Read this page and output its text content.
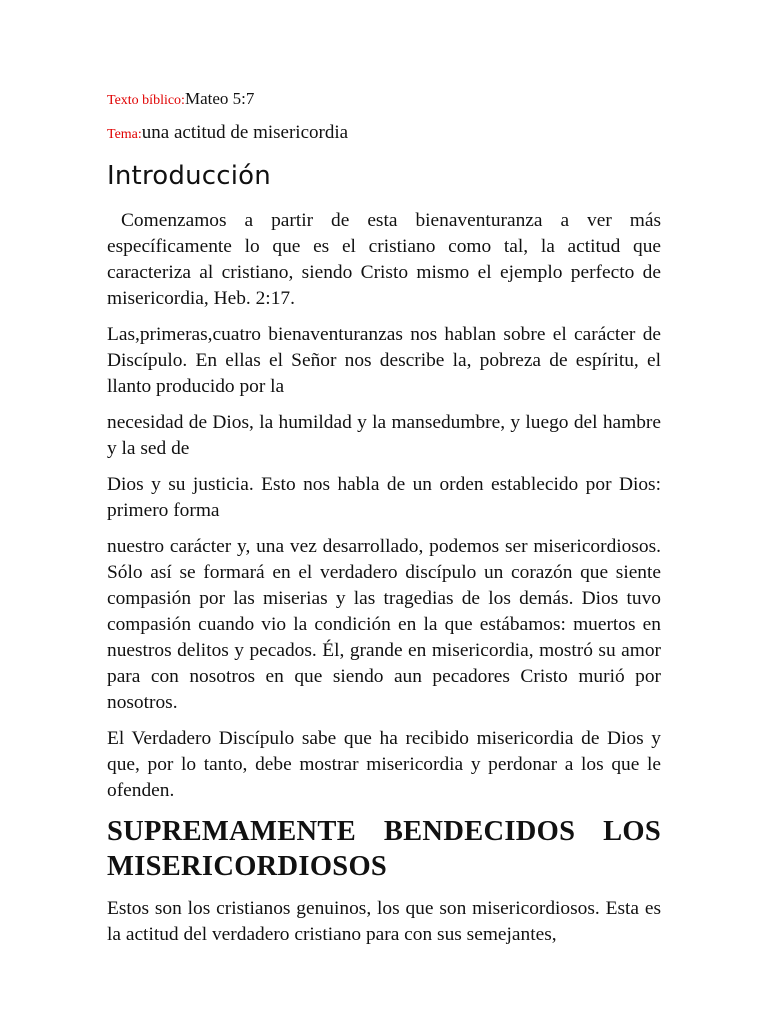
Texto bíblico:Mateo 5:7
Tema:una actitud de misericordia
Introducción

Comenzamos a partir de esta bienaventuranza a ver más específicamente lo que es el cristiano como tal, la actitud que caracteriza al cristiano, siendo Cristo mismo el ejemplo perfecto de misericordia, Heb. 2:17.

Las,primeras,cuatro bienaventuranzas nos hablan sobre el carácter de Discípulo. En ellas el Señor nos describe la, pobreza de espíritu, el llanto producido por la

necesidad de Dios, la humildad y la mansedumbre, y luego del hambre y la sed de

Dios y su justicia. Esto nos habla de un orden establecido por Dios: primero forma

nuestro carácter y, una vez desarrollado, podemos ser misericordiosos. Sólo así se formará en el verdadero discípulo un corazón que siente compasión por las miserias y las tragedias de los demás. Dios tuvo compasión cuando vio la condición en la que estábamos: muertos en nuestros delitos y pecados. Él, grande en misericordia, mostró su amor para con nosotros en que siendo aun pecadores Cristo murió por nosotros.

El Verdadero Discípulo sabe que ha recibido misericordia de Dios y que, por lo tanto, debe mostrar misericordia y perdonar a los que le ofenden.

SUPREMAMENTE BENDECIDOS LOS
MISERICORDIOSOS

Estos son los cristianos genuinos, los que son misericordiosos. Esta es la actitud del verdadero cristiano para con sus semejantes,
